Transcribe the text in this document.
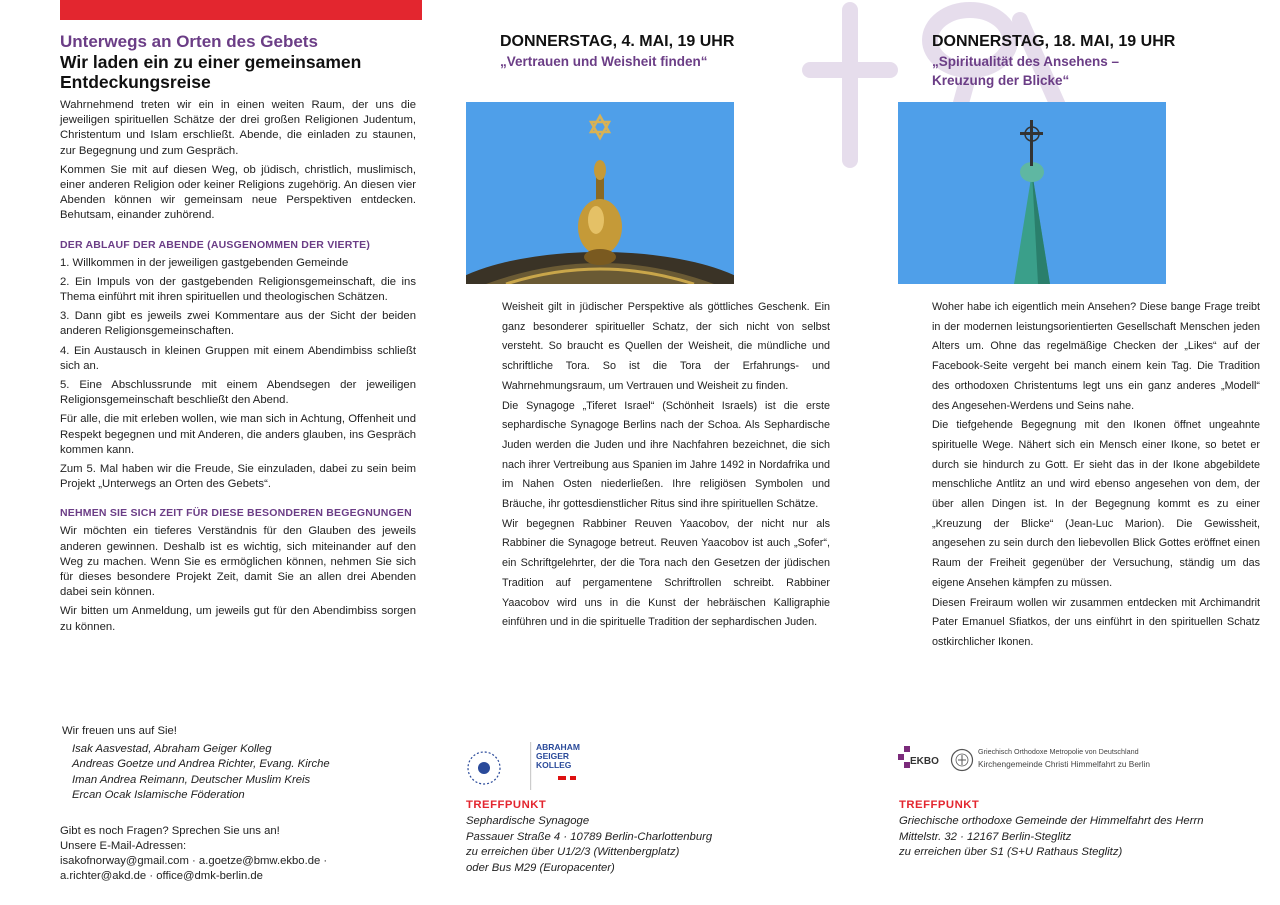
Unterwegs an Orten des Gebets

Wir laden ein zu einer gemeinsamen Entdeckungsreise

Wahrnehmend treten wir ein in einen weiten Raum, der uns die jeweiligen spirituellen Schätze der drei großen Religionen Judentum, Christentum und Islam erschließt. Abende, die einladen zu staunen, zur Begegnung und zum Gespräch.

Kommen Sie mit auf diesen Weg, ob jüdisch, christlich, muslimisch, einer anderen Religion oder keiner Religions zugehörig. An diesen vier Abenden können wir gemeinsam neue Perspektiven entdecken. Behutsam, einander zuhörend.

DER ABLAUF DER ABENDE (AUSGENOMMEN DER VIERTE)

1. Willkommen in der jeweiligen gastgebenden Gemeinde

2. Ein Impuls von der gastgebenden Religionsgemeinschaft, die ins Thema einführt mit ihren spirituellen und theologischen Schätzen.

3. Dann gibt es jeweils zwei Kommentare aus der Sicht der beiden anderen Religionsgemeinschaften.

4. Ein Austausch in kleinen Gruppen mit einem Abendimbiss schließt sich an.

5. Eine Abschlussrunde mit einem Abendsegen der jeweiligen Religionsgemeinschaft beschließt den Abend.

Für alle, die mit erleben wollen, wie man sich in Achtung, Offenheit und Respekt begegnen und mit Anderen, die anders glauben, ins Gespräch kommen kann.

Zum 5. Mal haben wir die Freude, Sie einzuladen, dabei zu sein beim Projekt „Unterwegs an Orten des Gebets“.

NEHMEN SIE SICH ZEIT FÜR DIESE BESONDEREN BEGEGNUNGEN

Wir möchten ein tieferes Verständnis für den Glauben des jeweils anderen gewinnen. Deshalb ist es wichtig, sich miteinander auf den Weg zu machen. Wenn Sie es ermöglichen können, nehmen Sie sich für dieses besondere Projekt Zeit, damit Sie an allen drei Abenden dabei sein können.

Wir bitten um Anmeldung, um jeweils gut für den Abendimbiss sorgen zu können.

Wir freuen uns auf Sie!

Isak Aasvestad, Abraham Geiger Kolleg

Andreas Goetze und Andrea Richter, Evang. Kirche

Iman Andrea Reimann, Deutscher Muslim Kreis

Ercan Ocak Islamische Föderation

Gibt es noch Fragen? Sprechen Sie uns an!
Unsere E-Mail-Adressen:
isakofnorway@gmail.com · a.goetze@bmw.ekbo.de ·
a.richter@akd.de · office@dmk-berlin.de

DONNERSTAG, 4. MAI, 19 UHR

„Vertrauen und Weisheit finden“

Weisheit gilt in jüdischer Perspektive als göttliches Geschenk. Ein ganz besonderer spiritueller Schatz, der sich nicht von selbst versteht. So braucht es Quellen der Weisheit, die mündliche und schriftliche Tora. So ist die Tora der Erfahrungs- und Wahrnehmungsraum, um Vertrauen und Weisheit zu finden.

Die Synagoge „Tiferet Israel“ (Schönheit Israels) ist die erste sephardische Synagoge Berlins nach der Schoa. Als Sephardische Juden werden die Juden und ihre Nachfahren bezeichnet, die sich nach ihrer Vertreibung aus Spanien im Jahre 1492 in Nordafrika und im Nahen Osten niederließen. Ihre religiösen Symbolen und Bräuche, ihr gottesdienstlicher Ritus sind ihre spirituellen Schätze.

Wir begegnen Rabbiner Reuven Yaacobov, der nicht nur als Rabbiner die Synagoge betreut. Reuven Yaacobov ist auch „Sofer“, ein Schriftgelehrter, der die Tora nach den Gesetzen der jüdischen Tradition auf pergamentene Schriftrollen schreibt. Rabbiner Yaacobov wird uns in die Kunst der hebräischen Kalligraphie einführen und in die spirituelle Tradition der sephardischen Juden.

ABRAHAM
GEIGER
KOLLEG

TREFFPUNKT

Sephardische Synagoge

Passauer Straße 4 · 10789 Berlin-Charlottenburg

zu erreichen über U1/2/3 (Wittenbergplatz)

oder Bus M29 (Europacenter)

DONNERSTAG, 18. MAI, 19 UHR

„Spiritualität des Ansehens – Kreuzung der Blicke“

Woher habe ich eigentlich mein Ansehen? Diese bange Frage treibt in der modernen leistungsorientierten Gesellschaft Menschen jeden Alters um. Ohne das regelmäßige Checken der „Likes“ auf der Facebook-Seite vergeht bei manch einem kein Tag. Die Tradition des orthodoxen Christentums legt uns ein ganz anderes „Modell“ des Angesehen-Werdens und Seins nahe.

Die tiefgehende Begegnung mit den Ikonen öffnet ungeahnte spirituelle Wege. Nähert sich ein Mensch einer Ikone, so betet er durch sie hindurch zu Gott. Er sieht das in der Ikone abgebildete menschliche Antlitz an und wird ebenso angesehen von dem, der über allen Dingen ist. In der Begegnung kommt es zu einer „Kreuzung der Blicke“ (Jean-Luc Marion). Die Gewissheit, angesehen zu sein durch den liebevollen Blick Gottes eröffnet einen Raum der Freiheit gegenüber der Versuchung, ständig um das eigene Ansehen kämpfen zu müssen.

Diesen Freiraum wollen wir zusammen entdecken mit Archimandrit Pater Emanuel Sfiatkos, der uns einführt in den spirituellen Schatz ostkirchlicher Ikonen.

EKBO
Griechisch Orthodoxe Metropolie von Deutschland
Kirchengemeinde Christi Himmelfahrt zu Berlin

TREFFPUNKT

Griechische orthodoxe Gemeinde der Himmelfahrt des Herrn

Mittelstr. 32 · 12167 Berlin-Steglitz

zu erreichen über S1 (S+U Rathaus Steglitz)
